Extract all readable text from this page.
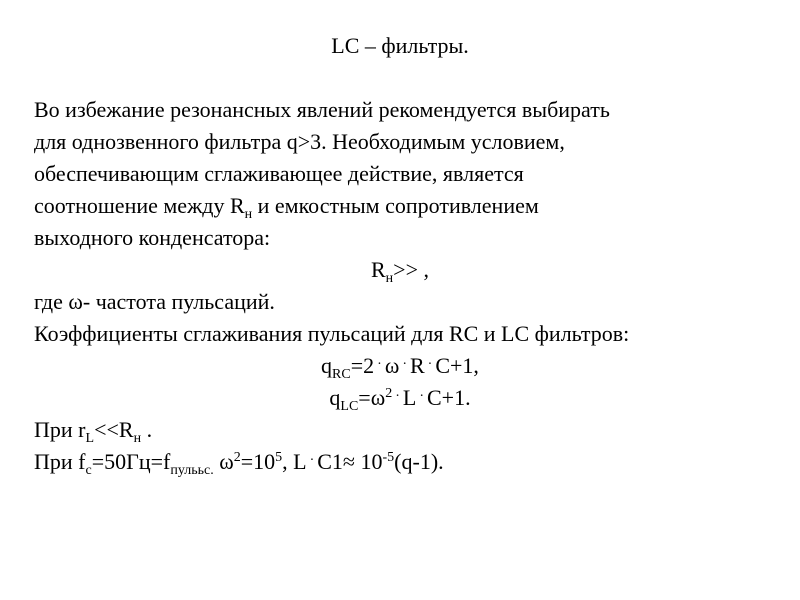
LC – фильтры.
Во избежание резонансных явлений рекомендуется выбирать
для однозвенного фильтра q>3. Необходимым условием,
обеспечивающим сглаживающее действие, является
соотношение между $R_н$ и емкостным сопротивлением
выходного конденсатора:
$R_н>>$ ,
где ω- частота пульсаций.
Коэффициенты сглаживания пульсаций для RC и LC фильтров:
$q_{RC}=2$ · ω · R · C+1,
$q_{LC}=\omega^2$ · L · C+1.
При $r_L<<R_н$ .
При $f_c=50Гц=f_{пулььс.}$ $\omega^2=10^5$, L · $C1\approx 10^{-5}(q-1)$.
